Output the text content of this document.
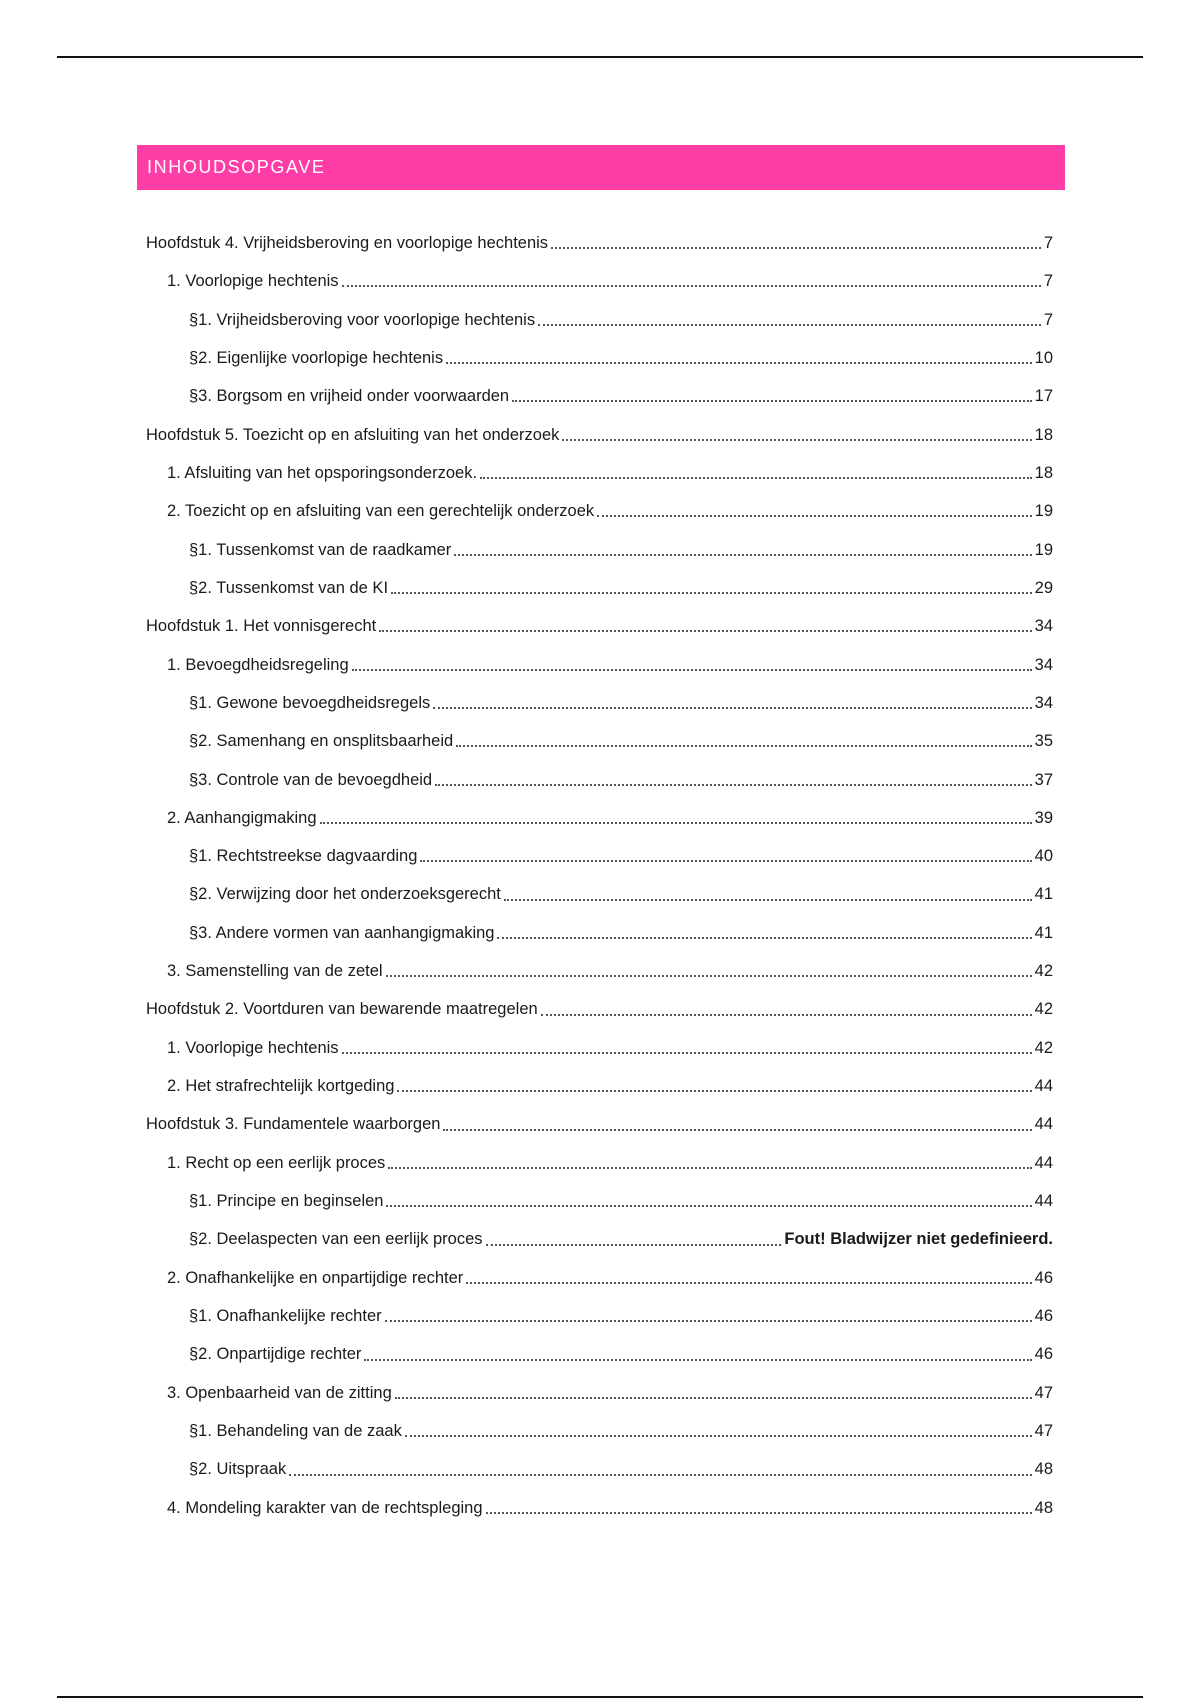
INHOUDSOPGAVE
Hoofdstuk 4. Vrijheidsberoving en voorlopige hechtenis	7
1. Voorlopige hechtenis	7
§1. Vrijheidsberoving voor voorlopige hechtenis	7
§2. Eigenlijke voorlopige hechtenis	10
§3. Borgsom en vrijheid onder voorwaarden	17
Hoofdstuk 5. Toezicht op en afsluiting van het onderzoek	18
1. Afsluiting van het opsporingsonderzoek.	18
2. Toezicht op en afsluiting van een gerechtelijk onderzoek	19
§1. Tussenkomst van de raadkamer	19
§2. Tussenkomst van de KI	29
Hoofdstuk 1. Het vonnisgerecht	34
1. Bevoegdheidsregeling	34
§1. Gewone bevoegdheidsregels	34
§2. Samenhang en onsplitsbaarheid	35
§3. Controle van de bevoegdheid	37
2. Aanhangigmaking	39
§1. Rechtstreekse dagvaarding	40
§2. Verwijzing door het onderzoeksgerecht	41
§3. Andere vormen van aanhangigmaking	41
3. Samenstelling van de zetel	42
Hoofdstuk 2. Voortduren van bewarende maatregelen	42
1. Voorlopige hechtenis	42
2. Het strafrechtelijk kortgeding	44
Hoofdstuk 3. Fundamentele waarborgen	44
1. Recht op een eerlijk proces	44
§1. Principe en beginselen	44
§2. Deelaspecten van een eerlijk proces	Fout! Bladwijzer niet gedefinieerd.
2. Onafhankelijke en onpartijdige rechter	46
§1. Onafhankelijke rechter	46
§2. Onpartijdige rechter	46
3. Openbaarheid van de zitting	47
§1. Behandeling van de zaak	47
§2. Uitspraak	48
4. Mondeling karakter van de rechtspleging	48
